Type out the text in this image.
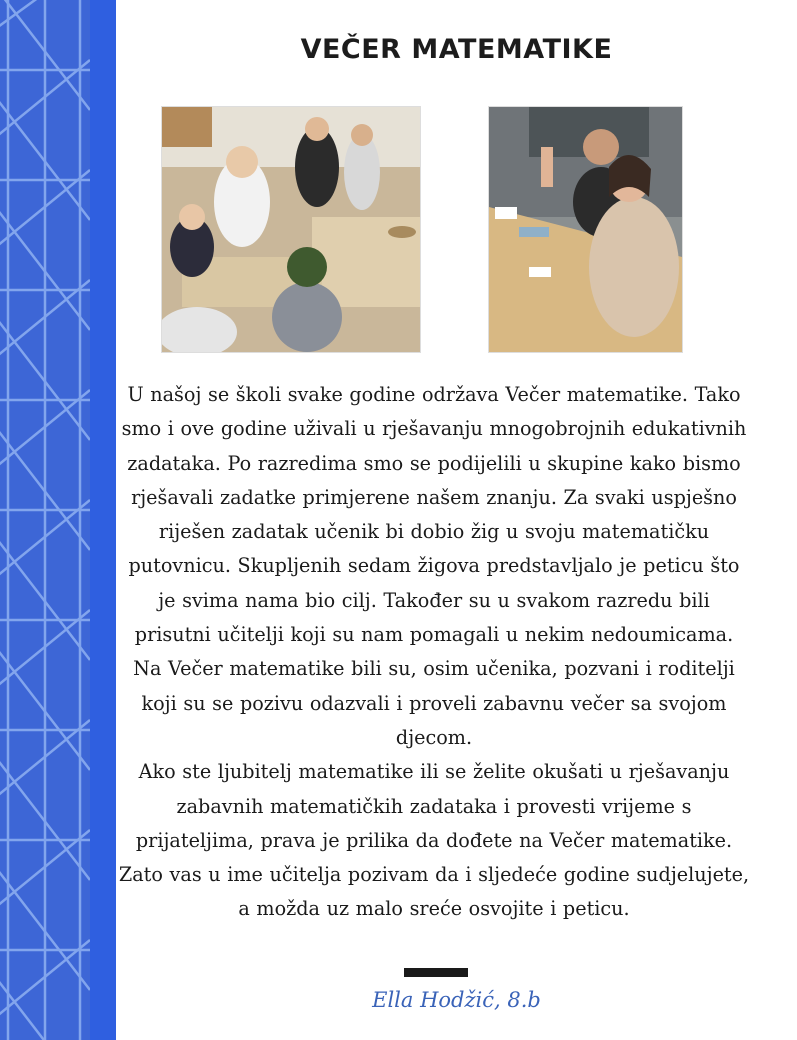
VEČER MATEMATIKE

U našoj se školi svake godine održava Večer matematike. Tako smo i ove godine uživali u rješavanju mnogobrojnih edukativnih zadataka. Po razredima smo se podijelili u skupine kako bismo rješavali zadatke primjerene našem znanju. Za svaki uspješno riješen zadatak učenik bi dobio žig u svoju matematičku putovnicu. Skupljenih sedam žigova predstavljalo je peticu što je svima nama bio cilj. Također su u svakom razredu bili prisutni učitelji koji su nam pomagali u nekim nedoumicama. Na Večer matematike bili su, osim učenika, pozvani i roditelji koji su se pozivu odazvali i proveli zabavnu večer sa svojom djecom.
Ako ste ljubitelj matematike ili se želite okušati u rješavanju zabavnih matematičkih zadataka i provesti vrijeme s prijateljima, prava je prilika da dođete na Večer matematike. Zato vas u ime učitelja pozivam da i sljedeće godine sudjelujete, a možda uz malo sreće osvojite i peticu.

Ella Hodžić, 8.b
